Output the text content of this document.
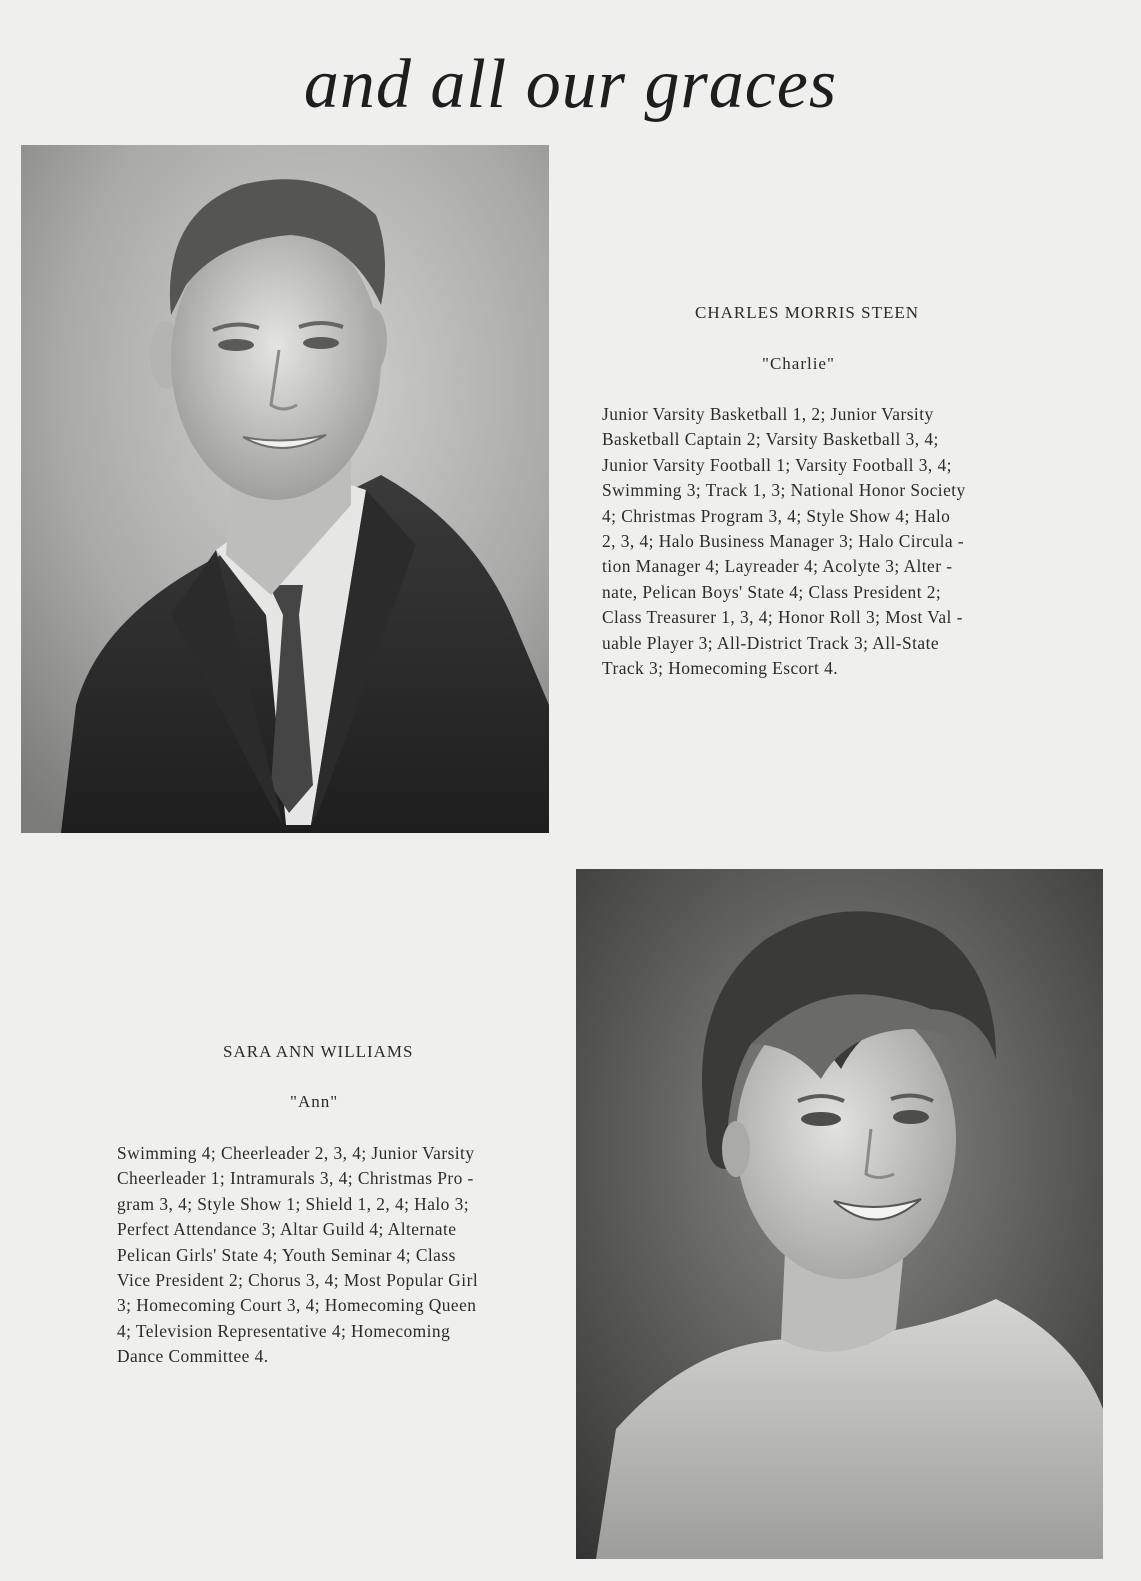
and all our graces
CHARLES MORRIS STEEN
"Charlie"
Junior Varsity Basketball 1, 2; Junior Varsity
Basketball Captain 2; Varsity Basketball 3, 4;
Junior Varsity Football 1; Varsity Football 3, 4;
Swimming 3; Track 1, 3; National Honor Society
4; Christmas Program 3, 4; Style Show 4; Halo
2, 3, 4; Halo Business Manager 3; Halo Circula -
tion Manager 4; Layreader 4; Acolyte 3; Alter -
nate, Pelican Boys' State 4; Class President 2;
Class Treasurer 1, 3, 4; Honor Roll 3; Most Val -
uable Player 3; All-District Track 3; All-State
Track 3; Homecoming Escort 4.
SARA ANN WILLIAMS
"Ann"
Swimming 4; Cheerleader 2, 3, 4; Junior Varsity
Cheerleader 1; Intramurals 3, 4; Christmas Pro -
gram 3, 4; Style Show 1; Shield 1, 2, 4; Halo 3;
Perfect Attendance 3; Altar Guild 4; Alternate
Pelican Girls' State 4; Youth Seminar 4; Class
Vice President 2; Chorus 3, 4; Most Popular Girl
3; Homecoming Court 3, 4; Homecoming Queen
4; Television Representative 4; Homecoming
Dance Committee 4.
